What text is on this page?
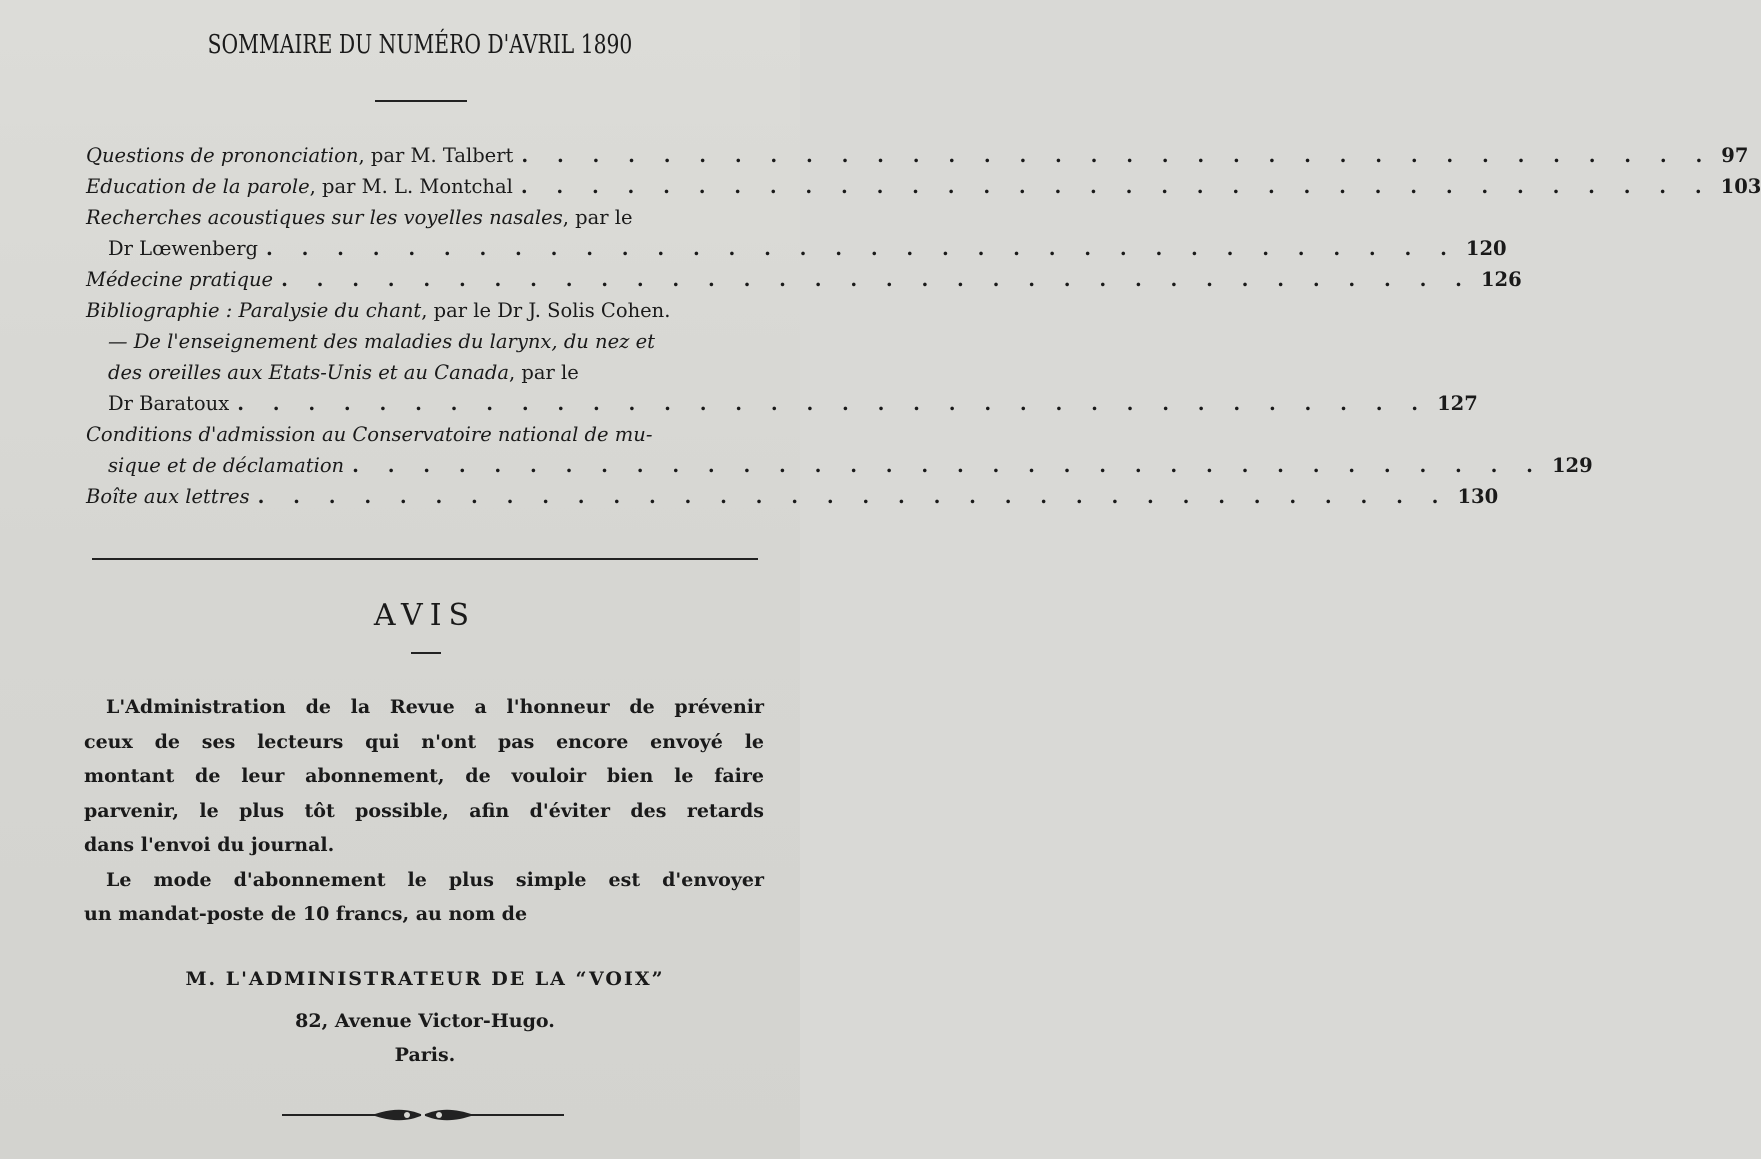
SOMMAIRE DU NUMÉRO D'AVRIL 1890
Questions de prononciation, par M. Talbert . . . . . . . . . . . . . . . . . . . . . . . . . . . . . . . . . . 97
Education de la parole, par M. L. Montchal . . . . . . . . . . . . . . . . . . . . . . . . . . . . . . . . . . 103
Recherches acoustiques sur les voyelles nasales, par le
Dr Lœwenberg . . . . . . . . . . . . . . . . . . . . . . . . . . . . . . . . . . 120
Médecine pratique . . . . . . . . . . . . . . . . . . . . . . . . . . . . . . . . . . 126
Bibliographie : Paralysie du chant, par le Dr J. Solis Cohen.
— De l'enseignement des maladies du larynx, du nez et
des oreilles aux Etats-Unis et au Canada, par le
Dr Baratoux . . . . . . . . . . . . . . . . . . . . . . . . . . . . . . . . . . 127
Conditions d'admission au Conservatoire national de mu-
sique et de déclamation . . . . . . . . . . . . . . . . . . . . . . . . . . . . . . . . . . 129
Boîte aux lettres . . . . . . . . . . . . . . . . . . . . . . . . . . . . . . . . . . 130
AVIS
L'Administration de la Revue a l'honneur de prévenir
ceux de ses lecteurs qui n'ont pas encore envoyé le
montant de leur abonnement, de vouloir bien le faire
parvenir, le plus tôt possible, afin d'éviter des retards
dans l'envoi du journal.
Le mode d'abonnement le plus simple est d'envoyer
un mandat-poste de 10 francs, au nom de
M. L'ADMINISTRATEUR DE LA “VOIX”
82, Avenue Victor-Hugo.
Paris.
